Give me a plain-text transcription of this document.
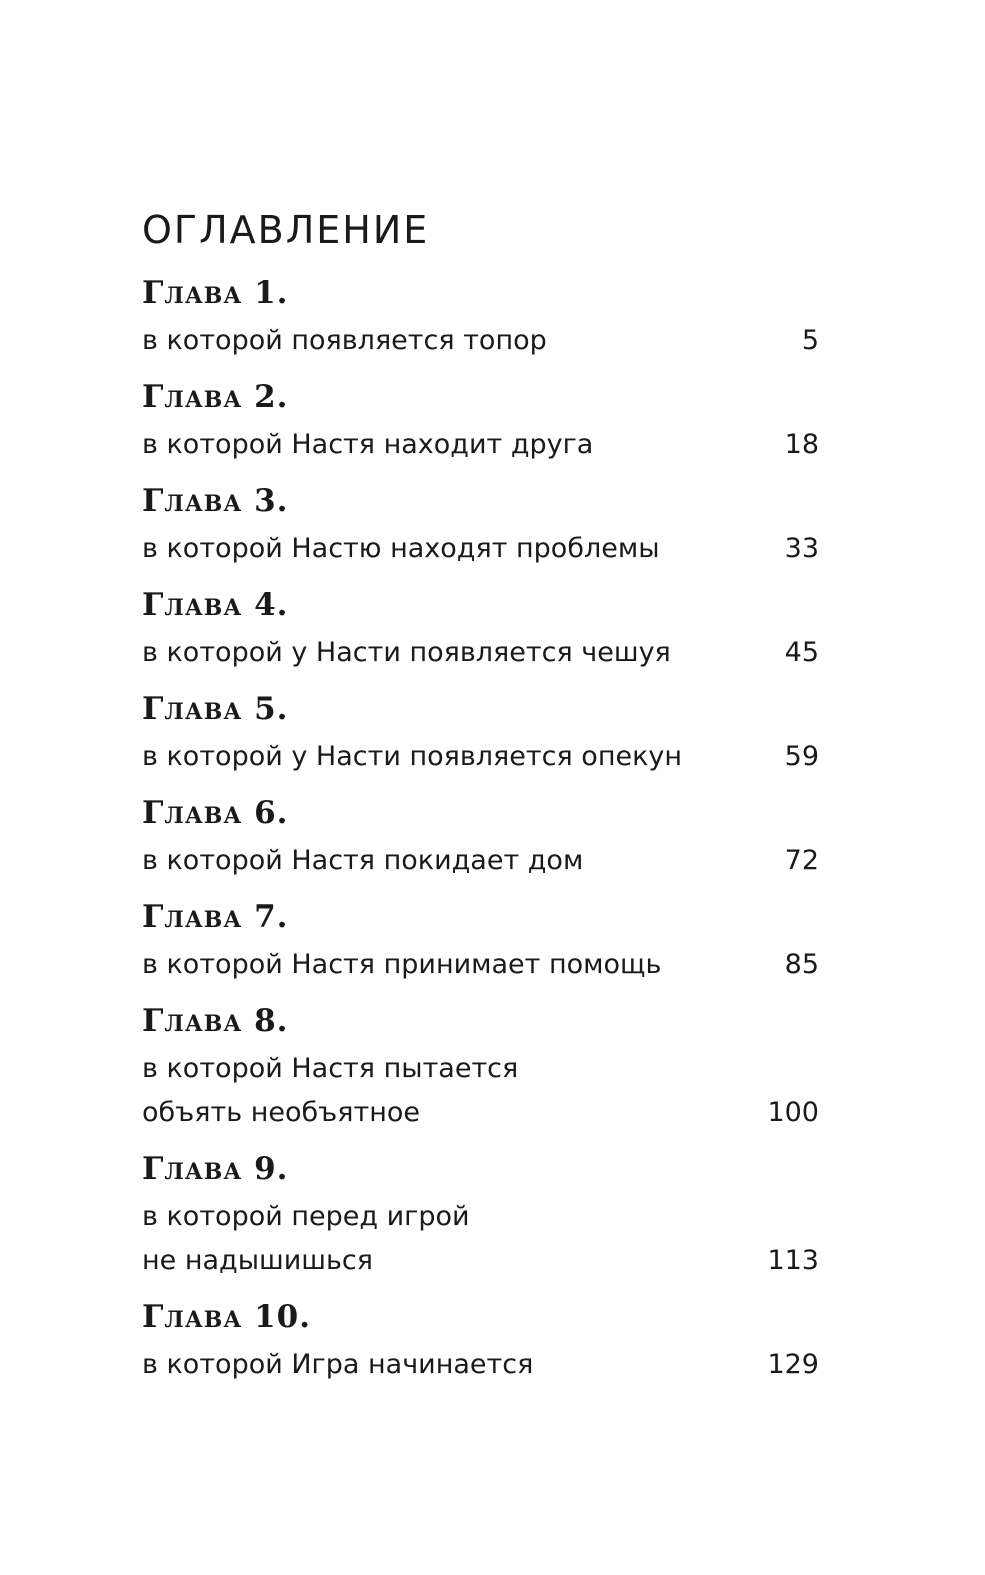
ОГЛАВЛЕНИЕ
Глава 1.
в которой появляется топор	5
Глава 2.
в которой Настя находит друга	18
Глава 3.
в которой Настю находят проблемы	33
Глава 4.
в которой у Насти появляется чешуя	45
Глава 5.
в которой у Насти появляется опекун	59
Глава 6.
в которой Настя покидает дом	72
Глава 7.
в которой Настя принимает помощь	85
Глава 8.
в которой Настя пытается
объять необъятное	100
Глава 9.
в которой перед игрой
не надышишься	113
Глава 10.
в которой Игра начинается	129
